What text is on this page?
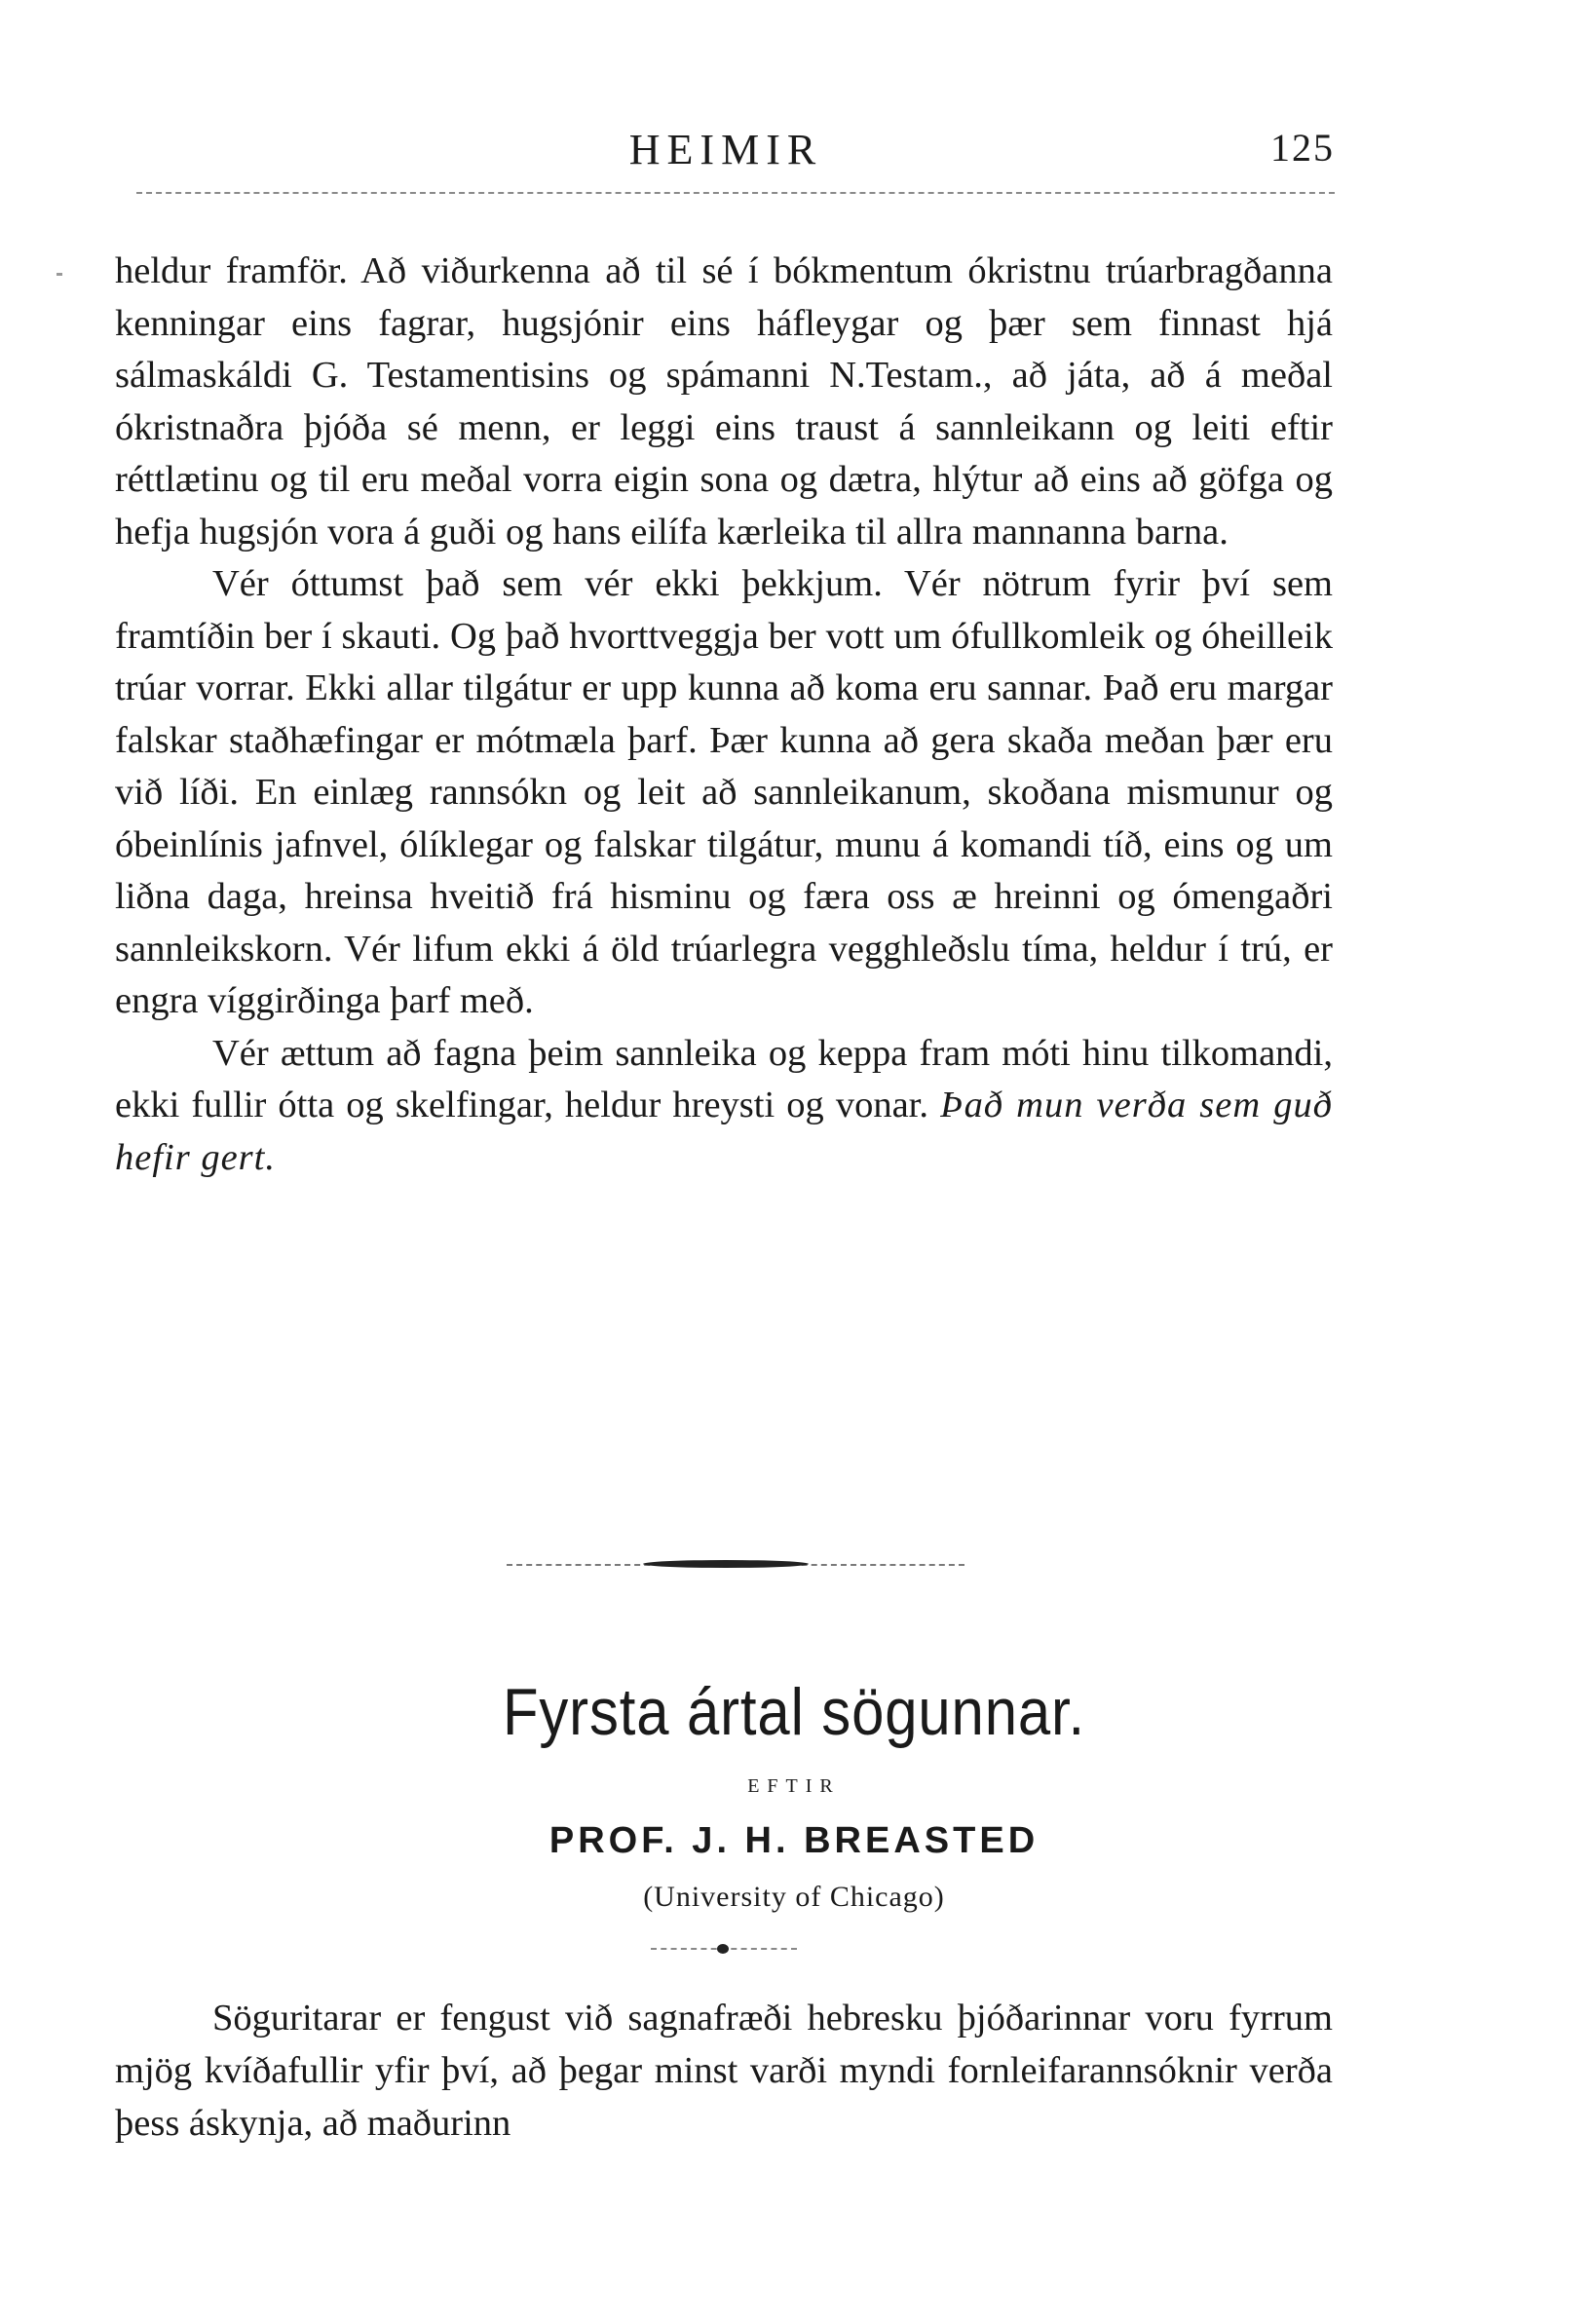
HEIMIR	125

heldur framför. Að viðurkenna að til sé í bókmentum ókristnu trúarbragðanna kenningar eins fagrar, hugsjónir eins háfleygar og þær sem finnast hjá sálmaskáldi G. Testamentisins og spámanni N.Testam., að játa, að á meðal ókristnaðra þjóða sé menn, er leggi eins traust á sannleikann og leiti eftir réttlætinu og til eru meðal vorra eigin sona og dætra, hlýtur að eins að göfga og hefja hugsjón vora á guði og hans eilífa kærleika til allra mannanna barna.

Vér óttumst það sem vér ekki þekkjum. Vér nötrum fyrir því sem framtíðin ber í skauti. Og það hvorttveggja ber vott um ófullkomleik og óheilleik trúar vorrar. Ekki allar tilgátur er upp kunna að koma eru sannar. Það eru margar falskar staðhæfingar er mótmæla þarf. Þær kunna að gera skaða meðan þær eru við líði. En einlæg rannsókn og leit að sannleikanum, skoðana mismunur og óbeinlínis jafnvel, ólíklegar og falskar tilgátur, munu á komandi tíð, eins og um liðna daga, hreinsa hveitið frá hisminu og færa oss æ hreinni og ómengaðri sannleikskorn. Vér lifum ekki á öld trúarlegra vegghleðslu tíma, heldur í trú, er engra víggirðinga þarf með.

Vér ættum að fagna þeim sannleika og keppa fram móti hinu tilkomandi, ekki fullir ótta og skelfingar, heldur hreysti og vonar. Það mun verða sem guð hefir gert.

Fyrsta ártal sögunnar.
EFTIR
PROF. J. H. BREASTED
(University of Chicago)

Söguritarar er fengust við sagnafræði hebresku þjóðarinnar voru fyrrum mjög kvíðafullir yfir því, að þegar minst varði myndi fornleifarannsóknir verða þess áskynja, að maðurinn
